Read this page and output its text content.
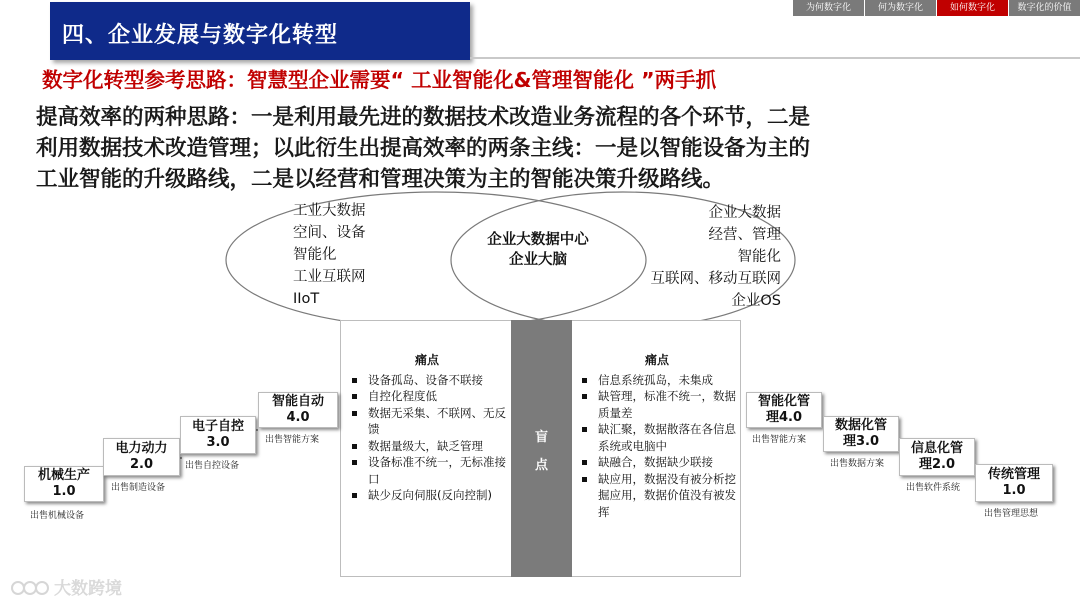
四、企业发展与数字化转型
为何数字化	何为数字化	如何数字化	数字化的价值
数字化转型参考思路：智慧型企业需要“ 工业智能化&管理智能化 ”两手抓
提高效率的两种思路：一是利用最先进的数据技术改造业务流程的各个环节，二是
利用数据技术改造管理；以此衍生出提高效率的两条主线：一是以智能设备为主的
工业智能的升级路线，二是以经营和管理决策为主的智能决策升级路线。
工业大数据
空间、设备
智能化
工业互联网
IIoT
企业大数据中心
企业大脑
企业大数据
经营、管理
智能化
互联网、移动互联网
企业OS
盲
点
痛点
设备孤岛、设备不联接
自控化程度低
数据无采集、不联网、无反馈
数据量级大，缺乏管理
设备标准不统一，无标准接口
缺少反向伺服(反向控制)
痛点
信息系统孤岛，未集成
缺管理，标准不统一，数据质量差
缺汇聚，数据散落在各信息系统或电脑中
缺融合，数据缺少联接
缺应用，数据没有被分析挖掘应用，数据价值没有被发挥
机械生产
1.0
出售机械设备
电力动力
2.0
出售制造设备
电子自控
3.0
出售自控设备
智能自动
4.0
出售智能方案
智能化管
理4.0
出售智能方案
数据化管
理3.0
出售数据方案
信息化管
理2.0
出售软件系统
传统管理
1.0
出售管理思想
大数跨境
